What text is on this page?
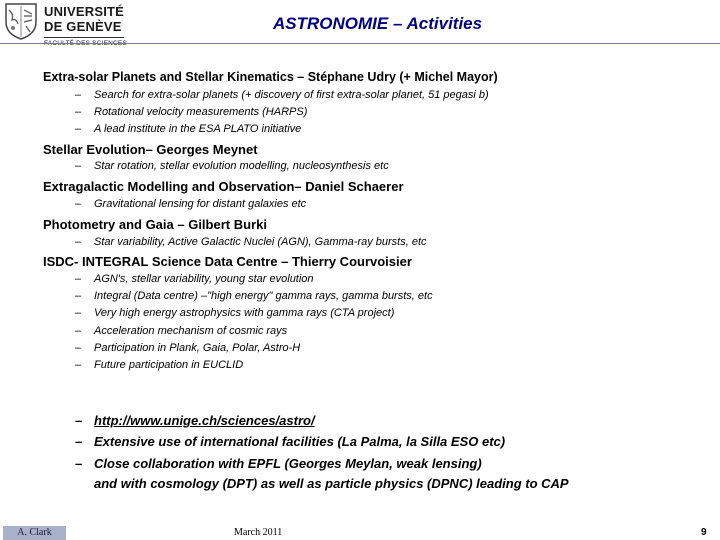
UNIVERSITÉ
DE GENÈVE	ASTRONOMIE – Activities
Extra-solar Planets and Stellar Kinematics – Stéphane Udry (+ Michel Mayor)
– Search for extra-solar planets (+ discovery of first extra-solar planet, 51 pegasi b)
– Rotational velocity measurements (HARPS)
– A lead institute in the ESA PLATO initiative
Stellar Evolution– Georges Meynet
– Star rotation, stellar evolution modelling, nucleosynthesis etc
Extragalactic Modelling and Observation– Daniel Schaerer
– Gravitational lensing for distant galaxies etc
Photometry and Gaia – Gilbert Burki
– Star variability, Active Galactic Nuclei (AGN), Gamma-ray bursts, etc
ISDC- INTEGRAL Science Data Centre – Thierry Courvoisier
– AGN's, stellar variability, young star evolution
– Integral (Data centre) –"high energy" gamma rays, gamma bursts, etc
– Very high energy astrophysics with gamma rays (CTA project)
– Acceleration mechanism of cosmic rays
– Participation in Plank, Gaia, Polar, Astro-H
– Future participation in EUCLID
– http://www.unige.ch/sciences/astro/
– Extensive use of international facilities (La Palma, la Silla ESO etc)
– Close collaboration with EPFL (Georges Meylan, weak lensing)
and with cosmology (DPT) as well as particle physics (DPNC) leading to CAP
A. Clark	March 2011	9
